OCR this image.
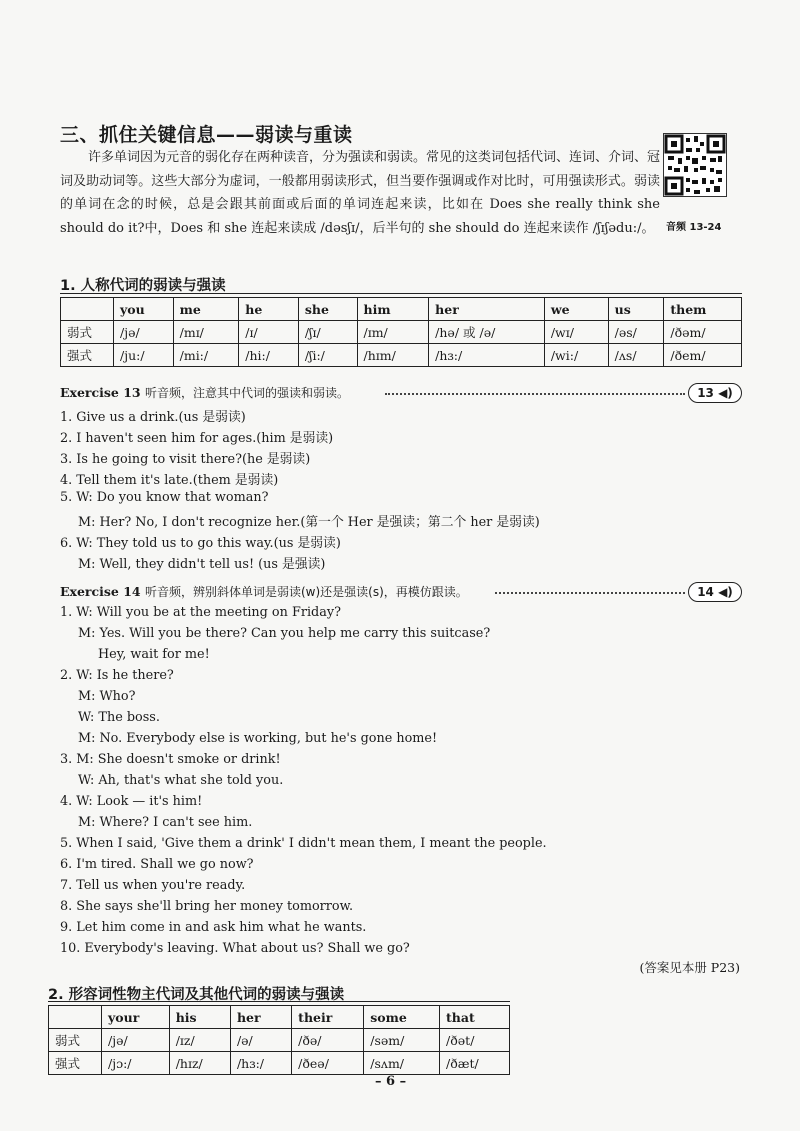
三、抓住关键信息——弱读与重读
许多单词因为元音的弱化存在两种读音，分为强读和弱读。常见的这类词包括代词、连词、介词、冠词及助动词等。这些大部分为虚词，一般都用弱读形式，但当要作强调或作对比时，可用强读形式。弱读的单词在念的时候，总是会跟其前面或后面的单词连起来读，比如在 Does she really think she should do it?中，Does 和 she 连起来读成 /dəsʃɪ/，后半句的 she should do 连起来读作 /ʃɪʃədu:/。	音频 13-24
1. 人称代词的弱读与强读
	you	me	he	she	him	her	we	us	them
弱式	/jə/	/mɪ/	/ɪ/	/ʃɪ/	/ɪm/	/hə/ 或 /ə/	/wɪ/	/əs/	/ðəm/
强式	/ju:/	/mi:/	/hi:/	/ʃi:/	/hɪm/	/hɜ:/	/wi:/	/ʌs/	/ðem/
Exercise 13 听音频，注意其中代词的强读和弱读。	13 ◀)
1. Give us a drink.(us 是弱读)
2. I haven't seen him for ages.(him 是弱读)
3. Is he going to visit there?(he 是弱读)
4. Tell them it's late.(them 是弱读)
5. W: Do you know that woman?
M: Her? No, I don't recognize her.(第一个 Her 是强读；第二个 her 是弱读)
6. W: They told us to go this way.(us 是弱读)
M: Well, they didn't tell us! (us 是强读)
Exercise 14 听音频，辨别斜体单词是弱读(w)还是强读(s)，再模仿跟读。	14 ◀)
1. W: Will you be at the meeting on Friday?
M: Yes. Will you be there? Can you help me carry this suitcase?
Hey, wait for me!
2. W: Is he there?
M: Who?
W: The boss.
M: No. Everybody else is working, but he's gone home!
3. M: She doesn't smoke or drink!
W: Ah, that's what she told you.
4. W: Look — it's him!
M: Where? I can't see him.
5. When I said, 'Give them a drink' I didn't mean them, I meant the people.
6. I'm tired. Shall we go now?
7. Tell us when you're ready.
8. She says she'll bring her money tomorrow.
9. Let him come in and ask him what he wants.
10. Everybody's leaving. What about us? Shall we go?
(答案见本册 P23)
2. 形容词性物主代词及其他代词的弱读与强读
	your	his	her	their	some	that
弱式	/jə/	/ɪz/	/ə/	/ðə/	/səm/	/ðət/
强式	/jɔ:/	/hɪz/	/hɜ:/	/ðeə/	/sʌm/	/ðæt/
– 6 –
